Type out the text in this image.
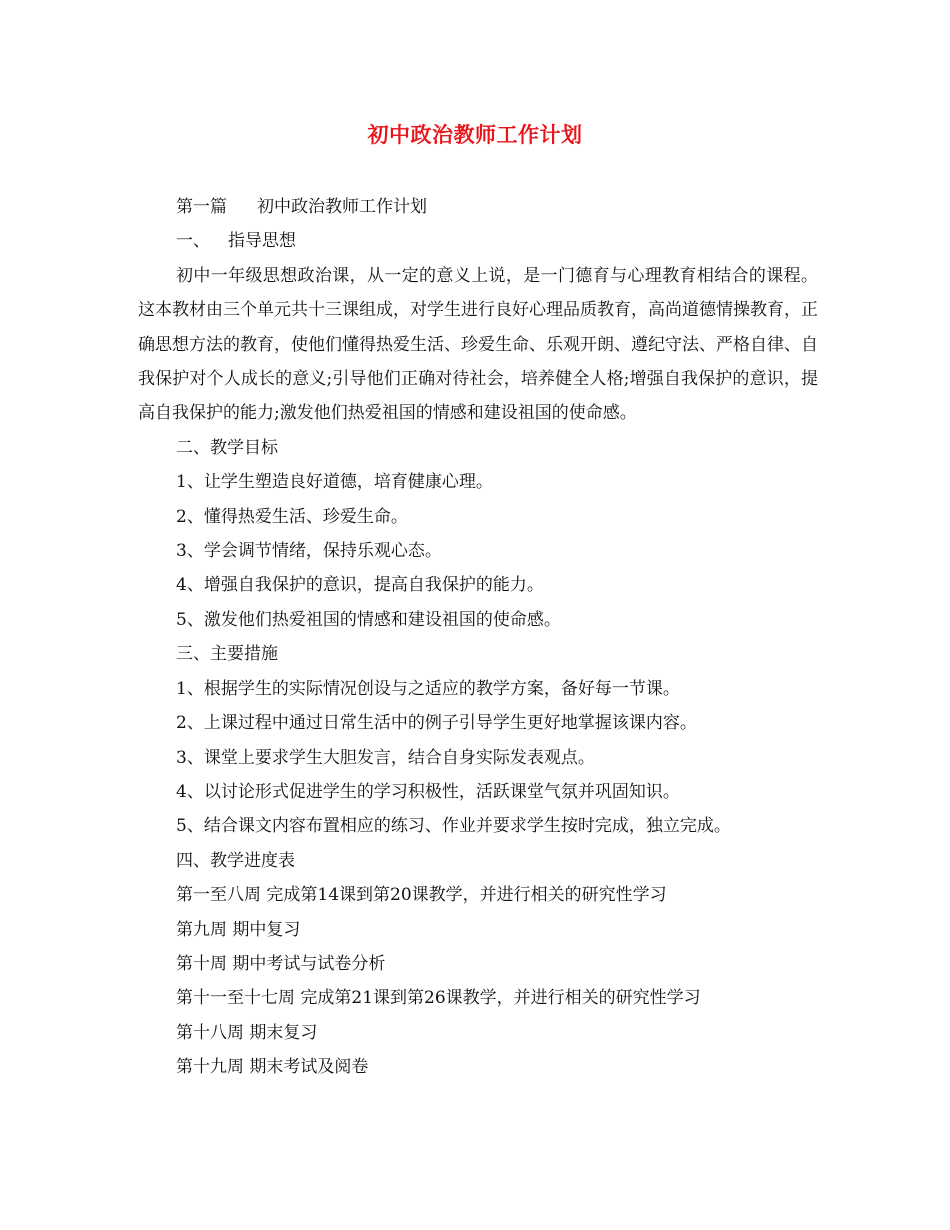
初中政治教师工作计划

第一篇 初中政治教师工作计划

一、 指导思想

初中一年级思想政治课，从一定的意义上说，是一门德育与心理教育相结合的课程。这本教材由三个单元共十三课组成，对学生进行良好心理品质教育，高尚道德情操教育，正确思想方法的教育，使他们懂得热爱生活、珍爱生命、乐观开朗、遵纪守法、严格自律、自我保护对个人成长的意义;引导他们正确对待社会，培养健全人格;增强自我保护的意识，提高自我保护的能力;激发他们热爱祖国的情感和建设祖国的使命感。

二、教学目标

1、让学生塑造良好道德，培育健康心理。

2、懂得热爱生活、珍爱生命。

3、学会调节情绪，保持乐观心态。

4、增强自我保护的意识，提高自我保护的能力。

5、激发他们热爱祖国的情感和建设祖国的使命感。

三、主要措施

1、根据学生的实际情况创设与之适应的教学方案，备好每一节课。

2、上课过程中通过日常生活中的例子引导学生更好地掌握该课内容。

3、课堂上要求学生大胆发言，结合自身实际发表观点。

4、以讨论形式促进学生的学习积极性，活跃课堂气氛并巩固知识。

5、结合课文内容布置相应的练习、作业并要求学生按时完成，独立完成。

四、教学进度表

第一至八周 完成第14课到第20课教学，并进行相关的研究性学习

第九周 期中复习

第十周 期中考试与试卷分析

第十一至十七周 完成第21课到第26课教学，并进行相关的研究性学习

第十八周 期末复习

第十九周 期末考试及阅卷
